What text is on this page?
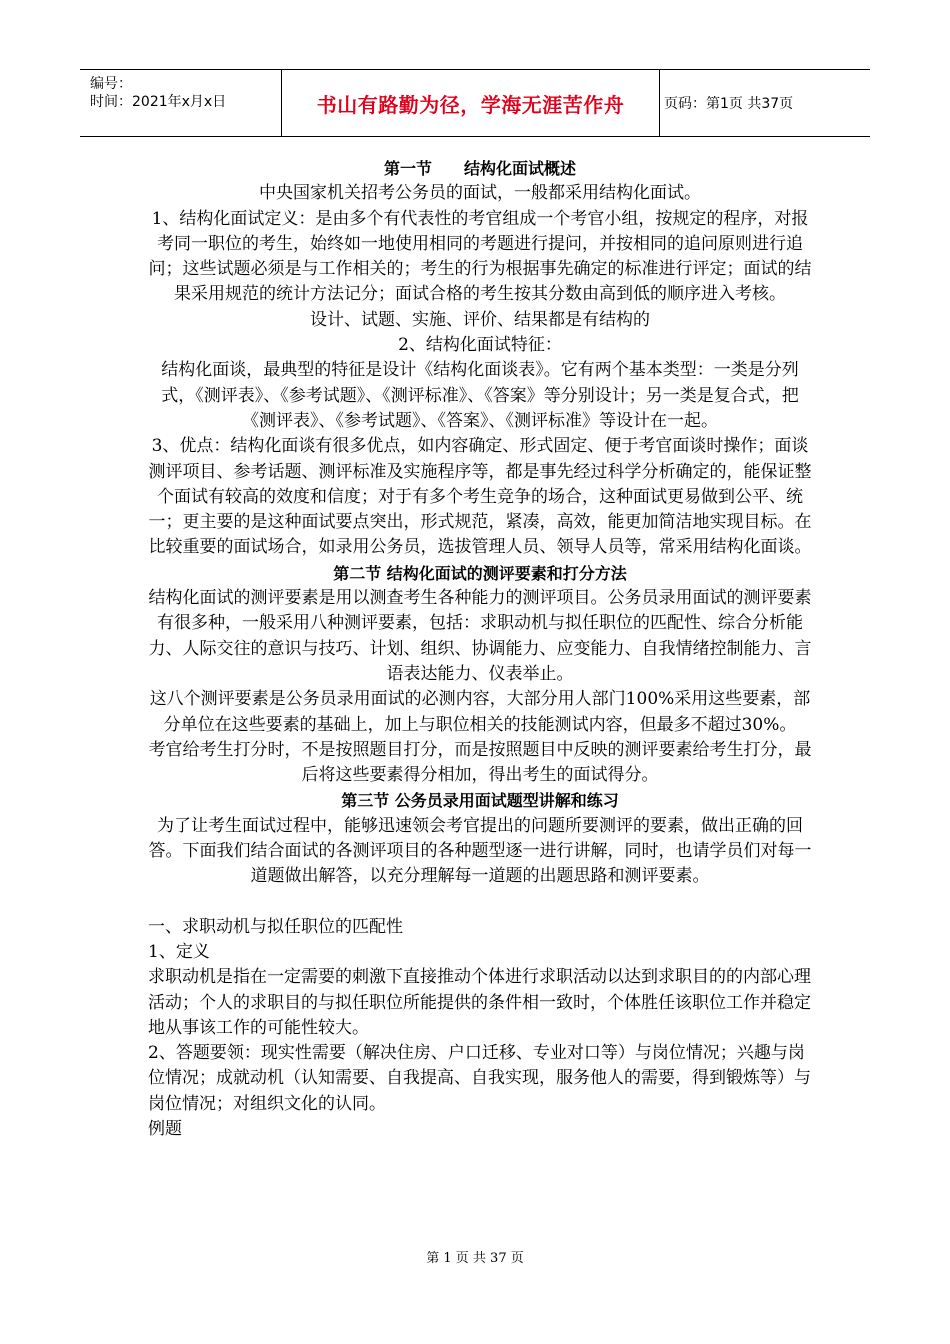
编号：
时间：2021年x月x日	书山有路勤为径，学海无涯苦作舟	页码：第1页 共37页

第一节　　结构化面试概述

中央国家机关招考公务员的面试，一般都采用结构化面试。

1、结构化面试定义：是由多个有代表性的考官组成一个考官小组，按规定的程序，对报考同一职位的考生，始终如一地使用相同的考题进行提问，并按相同的追问原则进行追问；这些试题必须是与工作相关的；考生的行为根据事先确定的标准进行评定；面试的结果采用规范的统计方法记分；面试合格的考生按其分数由高到低的顺序进入考核。

设计、试题、实施、评价、结果都是有结构的

2、结构化面试特征：

结构化面谈，最典型的特征是设计《结构化面谈表》。它有两个基本类型：一类是分列式，《测评表》、《参考试题》、《测评标准》、《答案》等分别设计；另一类是复合式，把《测评表》、《参考试题》、《答案》、《测评标准》等设计在一起。

3、优点：结构化面谈有很多优点，如内容确定、形式固定、便于考官面谈时操作；面谈测评项目、参考话题、测评标准及实施程序等，都是事先经过科学分析确定的，能保证整个面试有较高的效度和信度；对于有多个考生竞争的场合，这种面试更易做到公平、统一；更主要的是这种面试要点突出，形式规范，紧凑，高效，能更加简洁地实现目标。在比较重要的面试场合，如录用公务员，选拔管理人员、领导人员等，常采用结构化面谈。

第二节 结构化面试的测评要素和打分方法

结构化面试的测评要素是用以测查考生各种能力的测评项目。公务员录用面试的测评要素有很多种，一般采用八种测评要素，包括：求职动机与拟任职位的匹配性、综合分析能力、人际交往的意识与技巧、计划、组织、协调能力、应变能力、自我情绪控制能力、言语表达能力、仪表举止。

这八个测评要素是公务员录用面试的必测内容，大部分用人部门100%采用这些要素，部分单位在这些要素的基础上，加上与职位相关的技能测试内容，但最多不超过30%。

考官给考生打分时，不是按照题目打分，而是按照题目中反映的测评要素给考生打分，最后将这些要素得分相加，得出考生的面试得分。

第三节 公务员录用面试题型讲解和练习

为了让考生面试过程中，能够迅速领会考官提出的问题所要测评的要素，做出正确的回答。下面我们结合面试的各测评项目的各种题型逐一进行讲解，同时，也请学员们对每一道题做出解答，以充分理解每一道题的出题思路和测评要素。

一、求职动机与拟任职位的匹配性

1、定义

求职动机是指在一定需要的刺激下直接推动个体进行求职活动以达到求职目的的内部心理活动；个人的求职目的与拟任职位所能提供的条件相一致时，个体胜任该职位工作并稳定地从事该工作的可能性较大。

2、答题要领：现实性需要（解决住房、户口迁移、专业对口等）与岗位情况；兴趣与岗位情况；成就动机（认知需要、自我提高、自我实现，服务他人的需要，得到锻炼等）与岗位情况；对组织文化的认同。

例题

第 1 页 共 37 页
